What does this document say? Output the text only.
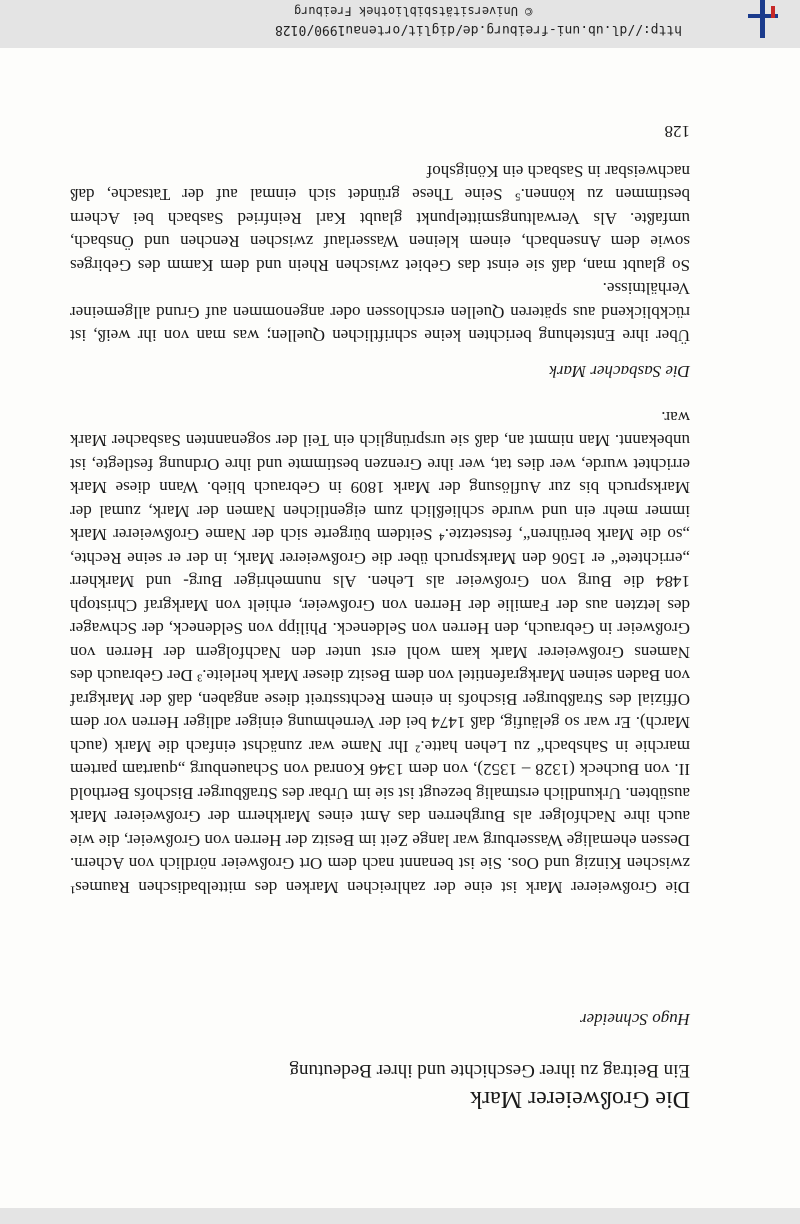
http://dl.ub.uni-freiburg.de/diglit/ortenau1990/0128
© Universitätsbibliothek Freiburg
Die Großweierer Mark
Ein Beitrag zu ihrer Geschichte und ihrer Bedeutung
Hugo Schneider

Die Großweierer Mark ist eine der zahlreichen Marken des mittelbadischen Raumes¹ zwischen Kinzig und Oos. Sie ist benannt nach dem Ort Großweier nördlich von Achern. Dessen ehemalige Wasserburg war lange Zeit im Besitz der Herren von Großweier, die wie auch ihre Nachfolger als Burgherren das Amt eines Markherrn der Großweierer Mark ausübten. Urkundlich erstmalig bezeugt ist sie im Urbar des Straßburger Bischofs Berthold II. von Bucheck (1328 – 1352), von dem 1346 Konrad von Schauenburg „quartam partem marchie in Sahsbach“ zu Lehen hatte.² Ihr Name war zunächst einfach die Mark (auch March). Er war so geläufig, daß 1474 bei der Vernehmung einiger adliger Herren vor dem Offizial des Straßburger Bischofs in einem Rechtsstreit diese angaben, daß der Markgraf von Baden seinen Markgrafentitel von dem Besitz dieser Mark herleite.³ Der Gebrauch des Namens Großweierer Mark kam wohl erst unter den Nachfolgern der Herren von Großweier in Gebrauch, den Herren von Seldeneck. Philipp von Seldeneck, der Schwager des letzten aus der Familie der Herren von Großweier, erhielt von Markgraf Christoph 1484 die Burg von Großweier als Lehen. Als nunmehriger Burg- und Markherr „errichtete“ er 1506 den Markspruch über die Großweierer Mark, in der er seine Rechte, „so die Mark berühren“, festsetzte.⁴ Seitdem bürgerte sich der Name Großweierer Mark immer mehr ein und wurde schließlich zum eigentlichen Namen der Mark, zumal der Markspruch bis zur Auflösung der Mark 1809 in Gebrauch blieb. Wann diese Mark errichtet wurde, wer dies tat, wer ihre Grenzen bestimmte und ihre Ordnung festlegte, ist unbekannt. Man nimmt an, daß sie ursprünglich ein Teil der sogenannten Sasbacher Mark war.

Die Sasbacher Mark

Über ihre Entstehung berichten keine schriftlichen Quellen; was man von ihr weiß, ist rückblickend aus späteren Quellen erschlossen oder angenommen auf Grund allgemeiner Verhältnisse.

So glaubt man, daß sie einst das Gebiet zwischen Rhein und dem Kamm des Gebirges sowie dem Ansenbach, einem kleinen Wasserlauf zwischen Renchen und Önsbach, umfaßte. Als Verwaltungsmittelpunkt glaubt Karl Reinfried Sasbach bei Achern bestimmen zu können.⁵ Seine These gründet sich einmal auf der Tatsache, daß nachweisbar in Sasbach ein Königshof

128
